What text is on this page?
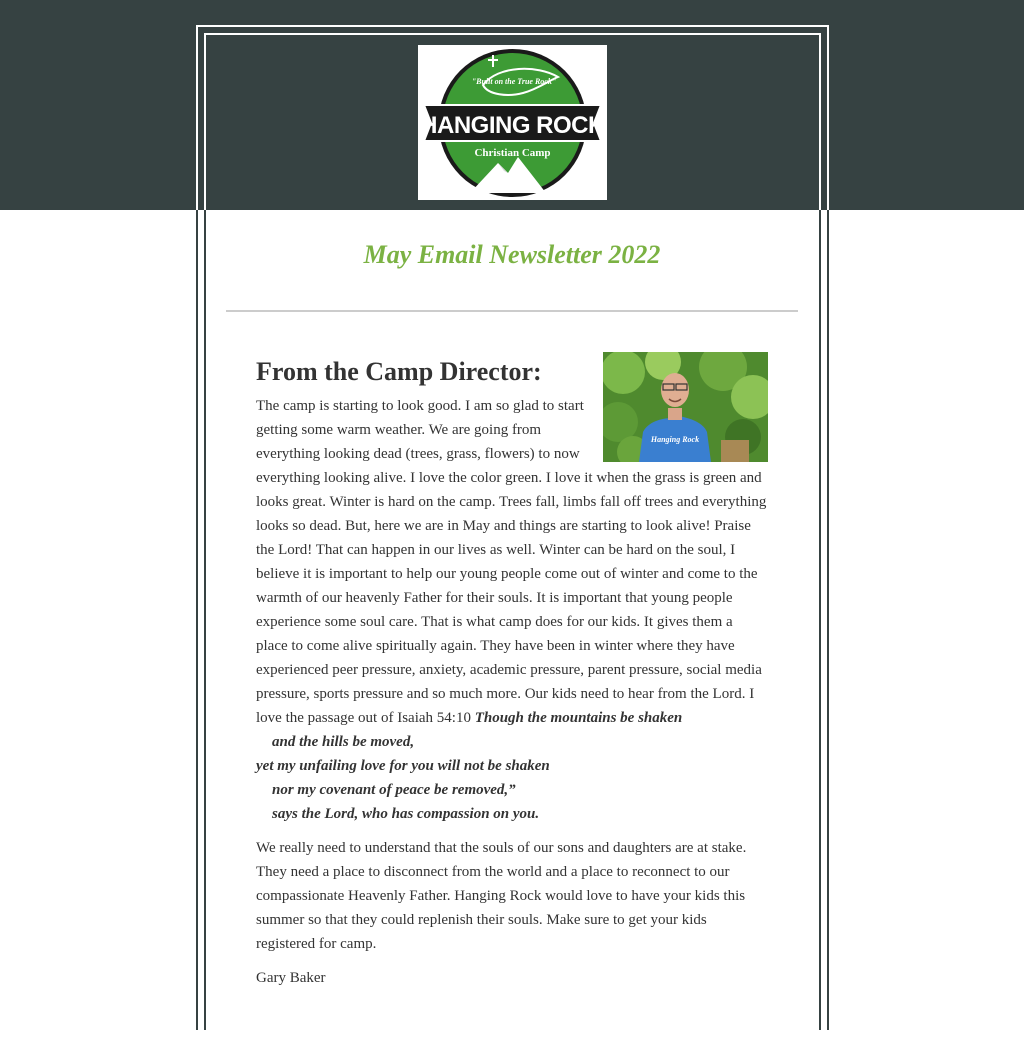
"Built on the True Rock"
HANGING ROCK
Christian Camp
May Email Newsletter 2022
Hanging Rock
From the Camp Director:

The camp is starting to look good. I am so glad to start getting some warm weather. We are going from everything looking dead (trees, grass, flowers) to now everything looking alive. I love the color green. I love it when the grass is green and looks great. Winter is hard on the camp. Trees fall, limbs fall off trees and everything looks so dead. But, here we are in May and things are starting to look alive! Praise the Lord! That can happen in our lives as well. Winter can be hard on the soul, I believe it is important to help our young people come out of winter and come to the warmth of our heavenly Father for their souls. It is important that young people experience some soul care. That is what camp does for our kids. It gives them a place to come alive spiritually again. They have been in winter where they have experienced peer pressure, anxiety, academic pressure, parent pressure, social media pressure, sports pressure and so much more. Our kids need to hear from the Lord. I love the passage out of Isaiah 54:10 Though the mountains be shaken
and the hills be moved,
yet my unfailing love for you will not be shaken
nor my covenant of peace be removed,”
says the Lord, who has compassion on you.

We really need to understand that the souls of our sons and daughters are at stake. They need a place to disconnect from the world and a place to reconnect to our compassionate Heavenly Father. Hanging Rock would love to have your kids this summer so that they could replenish their souls. Make sure to get your kids registered for camp.

Gary Baker
